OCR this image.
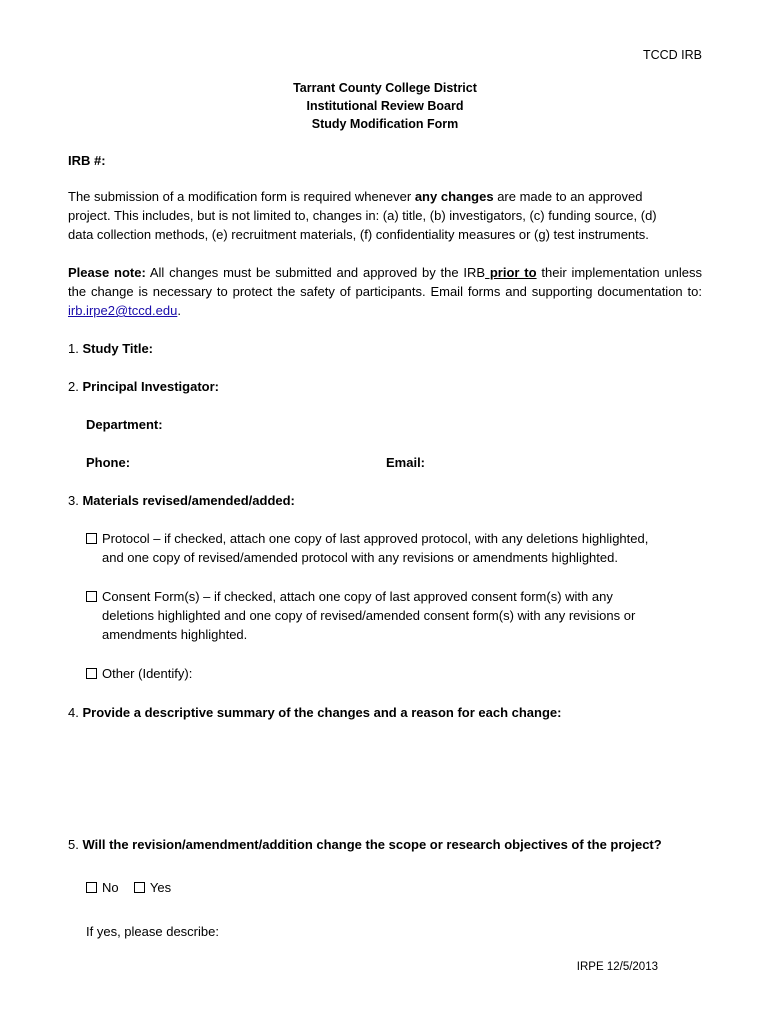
TCCD IRB
Tarrant County College District
Institutional Review Board
Study Modification Form
IRB #:
The submission of a modification form is required whenever any changes are made to an approved
project. This includes, but is not limited to, changes in: (a) title, (b) investigators, (c) funding source, (d)
data collection methods, (e) recruitment materials, (f) confidentiality measures or (g) test instruments.
Please note: All changes must be submitted and approved by the IRB prior to their implementation unless the change is necessary to protect the safety of participants. Email forms and supporting documentation to: irb.irpe2@tccd.edu.
1. Study Title:
2. Principal Investigator:
Department:
Phone:	Email:
3. Materials revised/amended/added:
Protocol – if checked, attach one copy of last approved protocol, with any deletions highlighted,
and one copy of revised/amended protocol with any revisions or amendments highlighted.
Consent Form(s) – if checked, attach one copy of last approved consent form(s) with any
deletions highlighted and one copy of revised/amended consent form(s) with any revisions or
amendments highlighted.
Other (Identify):
4. Provide a descriptive summary of the changes and a reason for each change:
5. Will the revision/amendment/addition change the scope or research objectives of the project?
No Yes
If yes, please describe:
IRPE 12/5/2013
